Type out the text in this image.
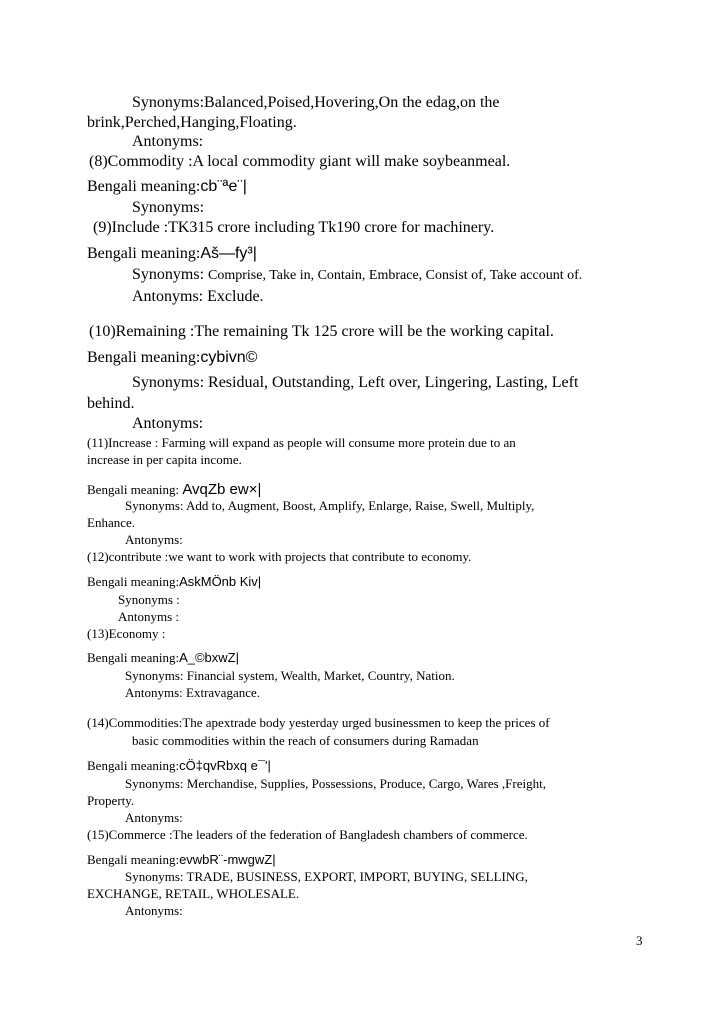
Synonyms:Balanced,Poised,Hovering,On the edag,on the
brink,Perched,Hanging,Floating.
Antonyms:
(8)Commodity :A local commodity giant will make soybeanmeal.
Bengali meaning:cb¨ªe¨|
Synonyms:
(9)Include :TK315 crore including Tk190 crore for machinery.
Bengali meaning:Aš—fy³|
Synonyms: Comprise, Take in, Contain, Embrace, Consist of, Take account of.
Antonyms: Exclude.
(10)Remaining :The remaining Tk 125 crore will be the working capital.
Bengali meaning:cybivn©
Synonyms: Residual, Outstanding, Left over, Lingering, Lasting, Left
behind.
Antonyms:
(11)Increase : Farming will expand as people will consume more protein due to an
increase in per capita income.
Bengali meaning: AvqZb ew×|
Synonyms: Add to, Augment, Boost, Amplify, Enlarge, Raise, Swell, Multiply,
Enhance.
Antonyms:
(12)contribute :we want to work with projects that contribute to economy.
Bengali meaning:AskMÖnb Kiv|
Synonyms :
Antonyms :
(13)Economy :
Bengali meaning:A_©bxwZ|
Synonyms: Financial system, Wealth, Market, Country, Nation.
Antonyms: Extravagance.
(14)Commodities:The apextrade body yesterday urged businessmen to keep the prices of
basic commodities within the reach of consumers during Ramadan
Bengali meaning:cÖ‡qvRbxq e¯'|
Synonyms: Merchandise, Supplies, Possessions, Produce, Cargo, Wares ,Freight,
Property.
Antonyms:
(15)Commerce :The leaders of the federation of Bangladesh chambers of commerce.
Bengali meaning:evwbR¨-mwgwZ|
Synonyms: TRADE, BUSINESS, EXPORT, IMPORT, BUYING, SELLING,
EXCHANGE, RETAIL, WHOLESALE.
Antonyms:
3
